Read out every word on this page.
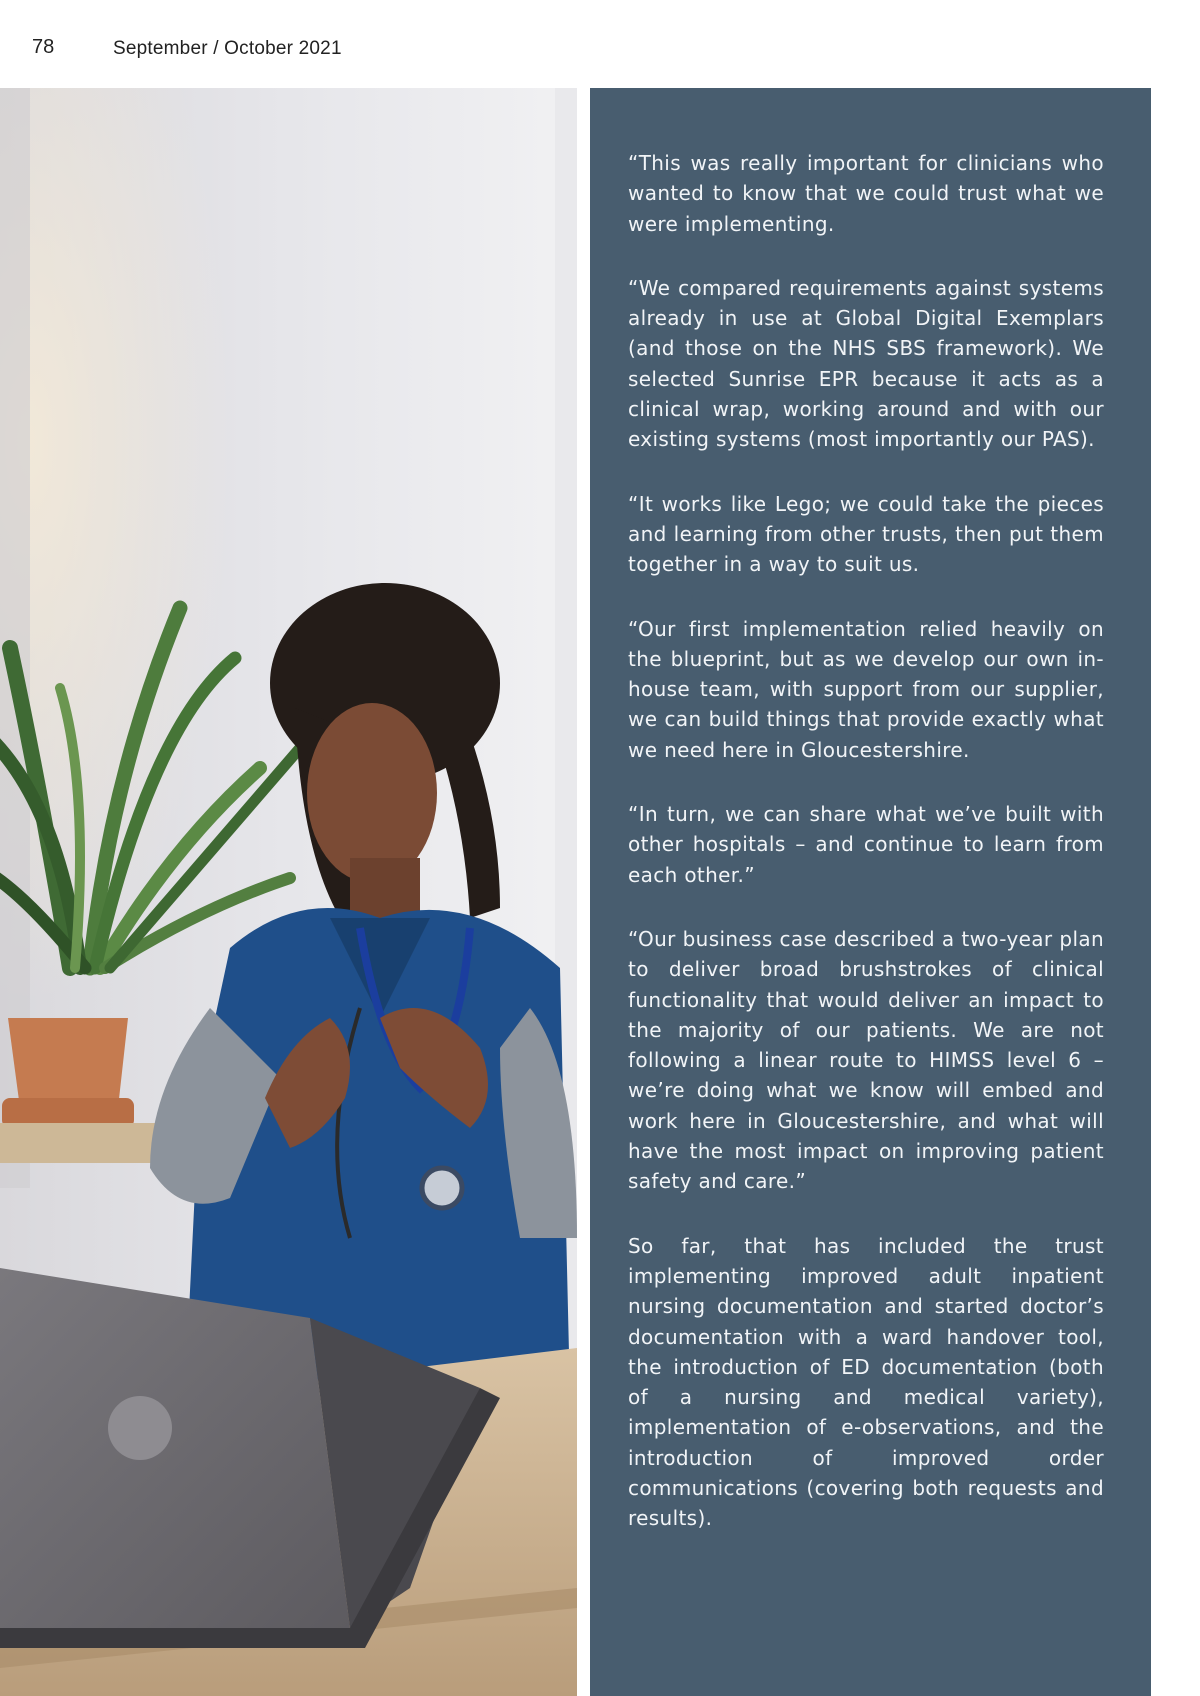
78	September / October 2021

“This was really important for clinicians who wanted to know that we could trust what we were implementing.

“We compared requirements against systems already in use at Global Digital Exemplars (and those on the NHS SBS framework). We selected Sunrise EPR because it acts as a clinical wrap, working around and with our existing systems (most importantly our PAS).

“It works like Lego; we could take the pieces and learning from other trusts, then put them together in a way to suit us.

“Our first implementation relied heavily on the blueprint, but as we develop our own in-house team, with support from our supplier, we can build things that provide exactly what we need here in Gloucestershire.

“In turn, we can share what we’ve built with other hospitals – and continue to learn from each other.”

“Our business case described a two-year plan to deliver broad brushstrokes of clinical functionality that would deliver an impact to the majority of our patients. We are not following a linear route to HIMSS level 6 – we’re doing what we know will embed and work here in Gloucestershire, and what will have the most impact on improving patient safety and care.”

So far, that has included the trust implementing improved adult inpatient nursing documentation and started doctor’s documentation with a ward handover tool, the introduction of ED documentation (both of a nursing and medical variety), implementation of e-observations, and the introduction of improved order communications (covering both requests and results).
